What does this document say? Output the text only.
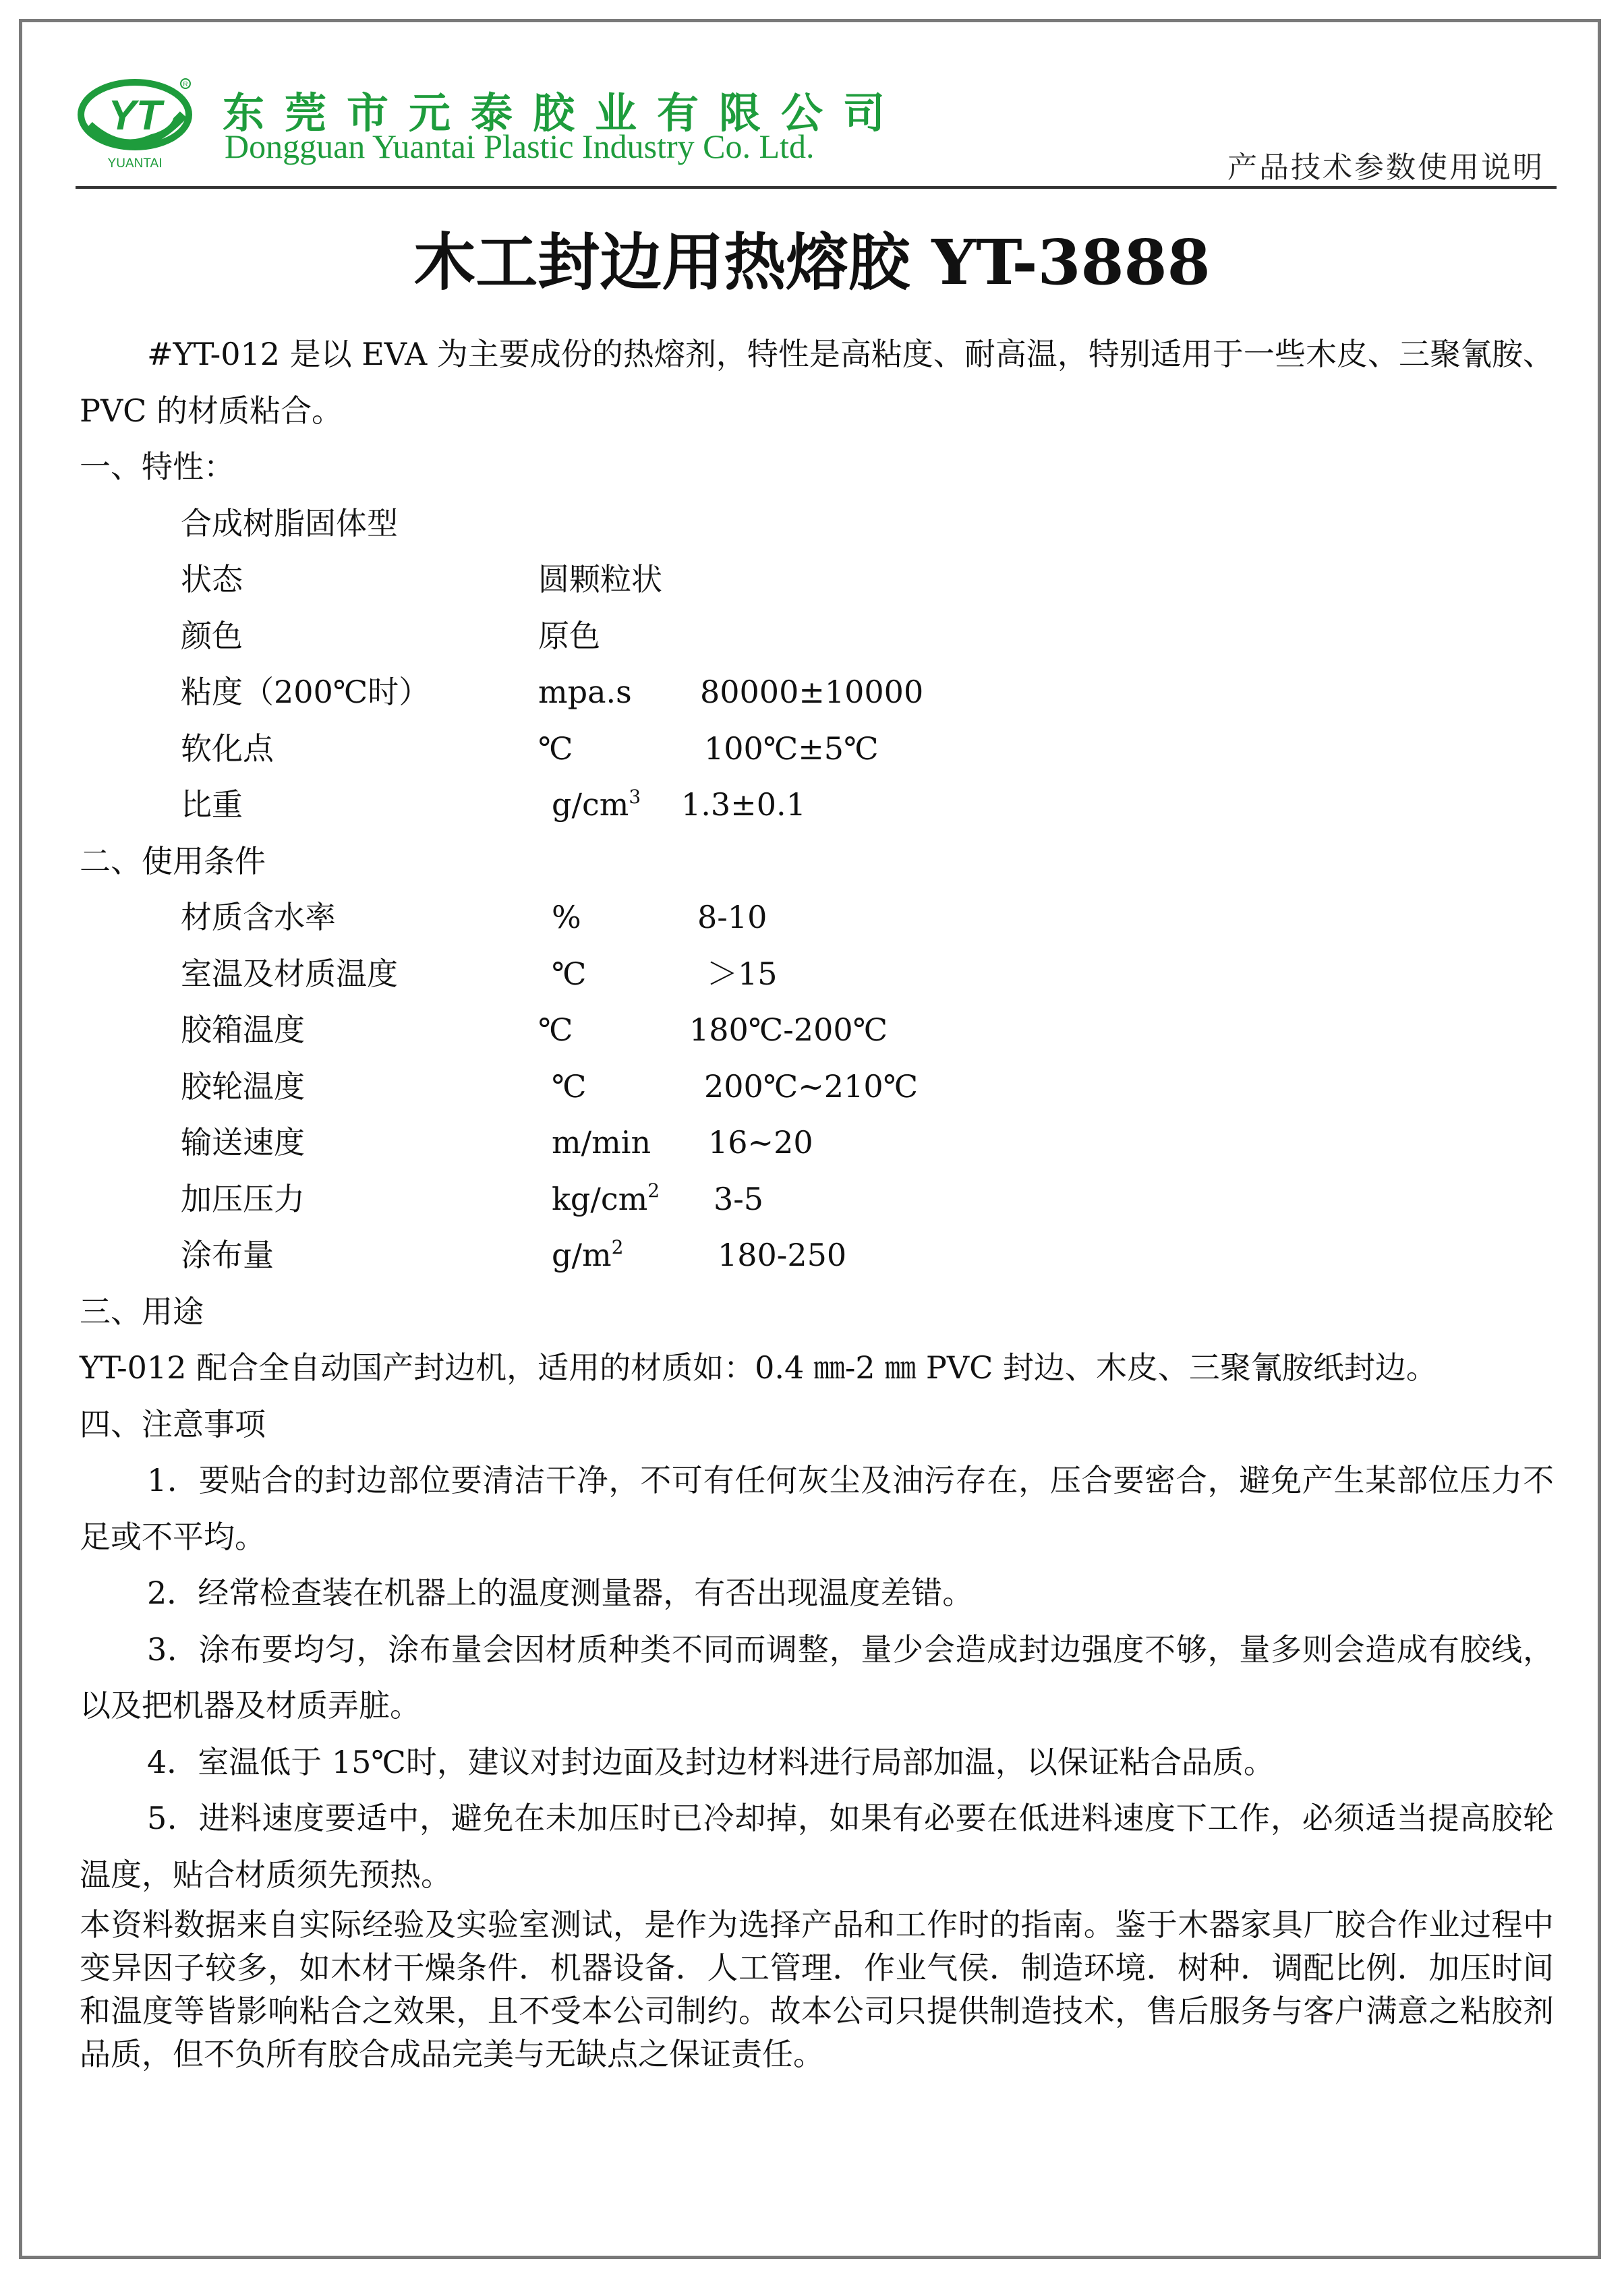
YT
R
YUANTAI
东莞市元泰胶业有限公司
Dongguan Yuantai Plastic Industry Co. Ltd.
产品技术参数使用说明
木工封边用热熔胶 YT-3888

#YT-012 是以 EVA 为主要成份的热熔剂，特性是高粘度、耐高温，特别适用于一些木皮、三聚氰胺、PVC 的材质粘合。

一、特性：

合成树脂固体型
状态	圆颗粒状
颜色	原色
粘度（200℃时）	mpa.s 80000±10000
软化点	℃	100℃±5℃
比重	$g/cm^3$ 1.3±0.1

二、使用条件

材质含水率	%	8-10
室温及材质温度	℃	＞15
胶箱温度	℃	180℃-200℃
胶轮温度	℃	200℃~210℃
输送速度	m/min 16~20
加压压力	$kg/cm^2$ 3-5
涂布量	$g/m^2$	180-250

三、用途

YT-012 配合全自动国产封边机，适用的材质如：0.4 ㎜-2 ㎜ PVC 封边、木皮、三聚氰胺纸封边。

四、注意事项

1．要贴合的封边部位要清洁干净，不可有任何灰尘及油污存在，压合要密合，避免产生某部位压力不足或不平均。

2．经常检查装在机器上的温度测量器，有否出现温度差错。

3．涂布要均匀，涂布量会因材质种类不同而调整，量少会造成封边强度不够，量多则会造成有胶线，以及把机器及材质弄脏。

4．室温低于 15℃时，建议对封边面及封边材料进行局部加温，以保证粘合品质。

5．进料速度要适中，避免在未加压时已冷却掉，如果有必要在低进料速度下工作，必须适当提高胶轮温度，贴合材质须先预热。

本资料数据来自实际经验及实验室测试，是作为选择产品和工作时的指南。鉴于木器家具厂胶合作业过程中变异因子较多，如木材干燥条件．机器设备．人工管理．作业气侯．制造环境．树种．调配比例．加压时间和温度等皆影响粘合之效果，且不受本公司制约。故本公司只提供制造技术，售后服务与客户满意之粘胶剂品质，但不负所有胶合成品完美与无缺点之保证责任。
